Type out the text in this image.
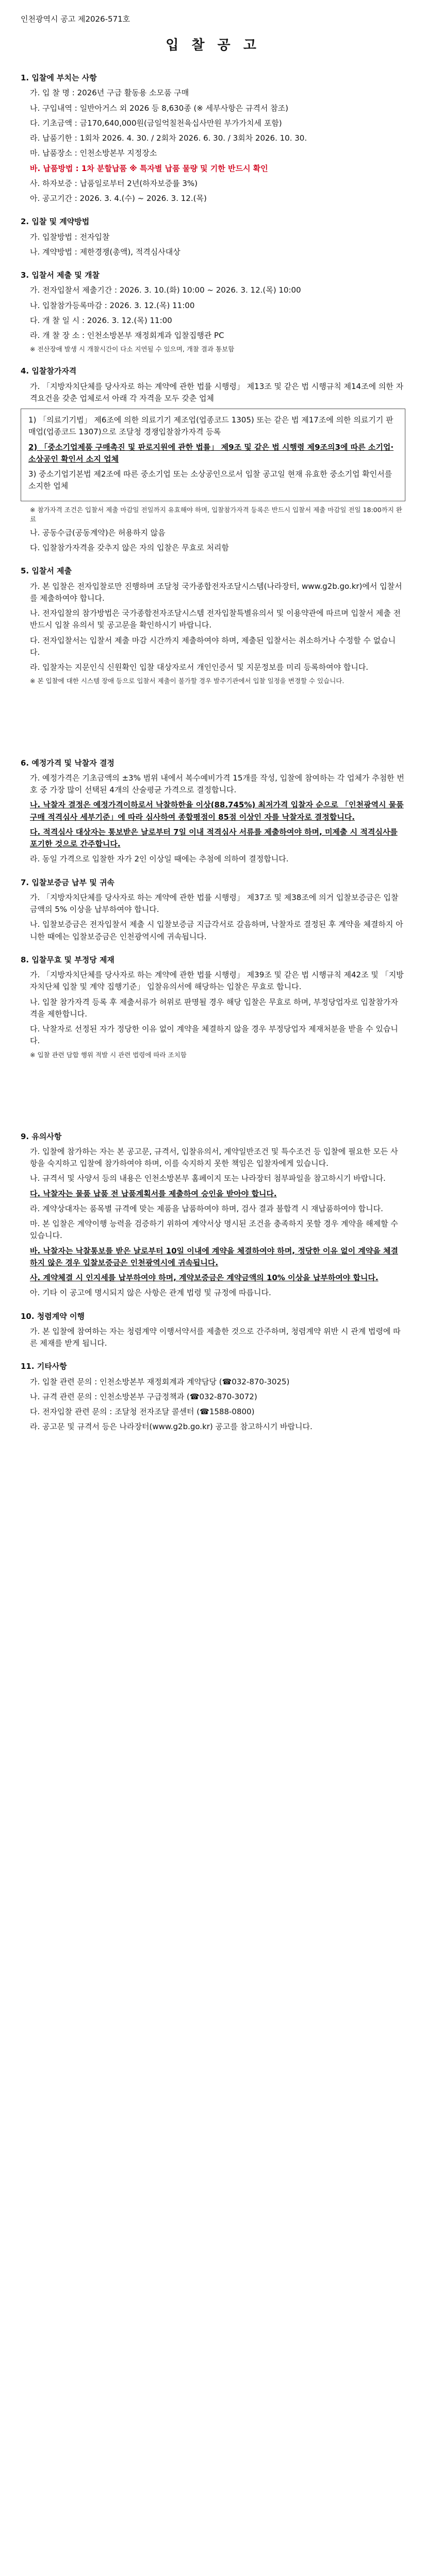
인천광역시 공고 제2026-571호
입 찰 공 고
1. 입찰에 부치는 사항

가. 입 찰 명 : 2026년 구급 활동용 소모품 구매

나. 구입내역 : 일반아거스 외 2026 등 8,630종 (※ 세부사항은 규격서 참조)

다. 기초금액 : 금170,640,000원(금일억칠천육십사만원 부가가치세 포함)

라. 납품기한 : 1회차 2026. 4. 30. / 2회차 2026. 6. 30. / 3회차 2026. 10. 30.

마. 납품장소 : 인천소방본부 지정장소

바. 납품방법 : 1차 분할납품 ※ 특자별 납품 물량 및 기한 반드시 확인

사. 하자보증 : 납품일로부터 2년(하자보증률 3%)

아. 공고기간 : 2026. 3. 4.(수) ~ 2026. 3. 12.(목)

2. 입찰 및 계약방법

가. 입찰방법 : 전자입찰

나. 계약방법 : 제한경쟁(총액), 적격심사대상

3. 입찰서 제출 및 개찰

가. 전자입찰서 제출기간 : 2026. 3. 10.(화) 10:00 ~ 2026. 3. 12.(목) 10:00

나. 입찰참가등록마감 : 2026. 3. 12.(목) 11:00

다. 개 찰 일 시 : 2026. 3. 12.(목) 11:00

라. 개 찰 장 소 : 인천소방본부 재정회계과 입찰집행관 PC

※ 전산장애 발생 시 개찰시간이 다소 지연될 수 있으며, 개찰 결과 통보함

4. 입찰참가자격

가. 「지방자치단체를 당사자로 하는 계약에 관한 법률 시행령」 제13조 및 같은 법 시행규칙 제14조에 의한 자격요건을 갖춘 업체로서 아래 각 자격을 모두 갖춘 업체

1) 「의료기기법」 제6조에 의한 의료기기 제조업(업종코드 1305) 또는 같은 법 제17조에 의한 의료기기 판매업(업종코드 1307)으로 조달청 경쟁입찰참가자격 등록

2) 「중소기업제품 구매촉진 및 판로지원에 관한 법률」 제9조 및 같은 법 시행령 제9조의3에 따른 소기업·소상공인 확인서 소지 업체

3) 중소기업기본법 제2조에 따른 중소기업 또는 소상공인으로서 입찰 공고일 현재 유효한 중소기업 확인서를 소지한 업체

※ 참가자격 조건은 입찰서 제출 마감일 전일까지 유효해야 하며, 입찰참가자격 등록은 반드시 입찰서 제출 마감일 전일 18:00까지 완료

나. 공동수급(공동계약)은 허용하지 않음

다. 입찰참가자격을 갖추지 않은 자의 입찰은 무효로 처리함

5. 입찰서 제출

가. 본 입찰은 전자입찰로만 진행하며 조달청 국가종합전자조달시스템(나라장터, www.g2b.go.kr)에서 입찰서를 제출하여야 합니다.

나. 전자입찰의 참가방법은 국가종합전자조달시스템 전자입찰특별유의서 및 이용약관에 따르며 입찰서 제출 전 반드시 입찰 유의서 및 공고문을 확인하시기 바랍니다.

다. 전자입찰서는 입찰서 제출 마감 시간까지 제출하여야 하며, 제출된 입찰서는 취소하거나 수정할 수 없습니다.

라. 입찰자는 지문인식 신원확인 입찰 대상자로서 개인인증서 및 지문정보를 미리 등록하여야 합니다.

※ 본 입찰에 대한 시스템 장애 등으로 입찰서 제출이 불가할 경우 발주기관에서 입찰 일정을 변경할 수 있습니다.

6. 예정가격 및 낙찰자 결정

가. 예정가격은 기초금액의 ±3% 범위 내에서 복수예비가격 15개를 작성, 입찰에 참여하는 각 업체가 추첨한 번호 중 가장 많이 선택된 4개의 산술평균 가격으로 결정합니다.

나. 낙찰자 결정은 예정가격이하로서 낙찰하한율 이상(88.745%) 최저가격 입찰자 순으로 「인천광역시 물품구매 적격심사 세부기준」에 따라 심사하여 종합평점이 85점 이상인 자를 낙찰자로 결정합니다.

다. 적격심사 대상자는 통보받은 날로부터 7일 이내 적격심사 서류를 제출하여야 하며, 미제출 시 적격심사를 포기한 것으로 간주합니다.

라. 동일 가격으로 입찰한 자가 2인 이상일 때에는 추첨에 의하여 결정합니다.

7. 입찰보증금 납부 및 귀속

가. 「지방자치단체를 당사자로 하는 계약에 관한 법률 시행령」 제37조 및 제38조에 의거 입찰보증금은 입찰금액의 5% 이상을 납부하여야 합니다.

나. 입찰보증금은 전자입찰서 제출 시 입찰보증금 지급각서로 갈음하며, 낙찰자로 결정된 후 계약을 체결하지 아니한 때에는 입찰보증금은 인천광역시에 귀속됩니다.

8. 입찰무효 및 부정당 제재

가. 「지방자치단체를 당사자로 하는 계약에 관한 법률 시행령」 제39조 및 같은 법 시행규칙 제42조 및 「지방자치단체 입찰 및 계약 집행기준」 입찰유의서에 해당하는 입찰은 무효로 합니다.

나. 입찰 참가자격 등록 후 제출서류가 허위로 판명될 경우 해당 입찰은 무효로 하며, 부정당업자로 입찰참가자격을 제한합니다.

다. 낙찰자로 선정된 자가 정당한 이유 없이 계약을 체결하지 않을 경우 부정당업자 제재처분을 받을 수 있습니다.

※ 입찰 관련 담합 행위 적발 시 관련 법령에 따라 조치함

9. 유의사항

가. 입찰에 참가하는 자는 본 공고문, 규격서, 입찰유의서, 계약일반조건 및 특수조건 등 입찰에 필요한 모든 사항을 숙지하고 입찰에 참가하여야 하며, 이를 숙지하지 못한 책임은 입찰자에게 있습니다.

나. 규격서 및 사양서 등의 내용은 인천소방본부 홈페이지 또는 나라장터 첨부파일을 참고하시기 바랍니다.

다. 낙찰자는 물품 납품 전 납품계획서를 제출하여 승인을 받아야 합니다.

라. 계약상대자는 품목별 규격에 맞는 제품을 납품하여야 하며, 검사 결과 불합격 시 재납품하여야 합니다.

마. 본 입찰은 계약이행 능력을 검증하기 위하여 계약서상 명시된 조건을 충족하지 못할 경우 계약을 해제할 수 있습니다.

바. 낙찰자는 낙찰통보를 받은 날로부터 10일 이내에 계약을 체결하여야 하며, 정당한 이유 없이 계약을 체결하지 않은 경우 입찰보증금은 인천광역시에 귀속됩니다.

사. 계약체결 시 인지세를 납부하여야 하며, 계약보증금은 계약금액의 10% 이상을 납부하여야 합니다.

아. 기타 이 공고에 명시되지 않은 사항은 관계 법령 및 규정에 따릅니다.

10. 청렴계약 이행

가. 본 입찰에 참여하는 자는 청렴계약 이행서약서를 제출한 것으로 간주하며, 청렴계약 위반 시 관계 법령에 따른 제재를 받게 됩니다.

11. 기타사항

가. 입찰 관련 문의 : 인천소방본부 재정회계과 계약담당 (☎032-870-3025)

나. 규격 관련 문의 : 인천소방본부 구급정책과 (☎032-870-3072)

다. 전자입찰 관련 문의 : 조달청 전자조달 콜센터 (☎1588-0800)

라. 공고문 및 규격서 등은 나라장터(www.g2b.go.kr) 공고를 참고하시기 바랍니다.
